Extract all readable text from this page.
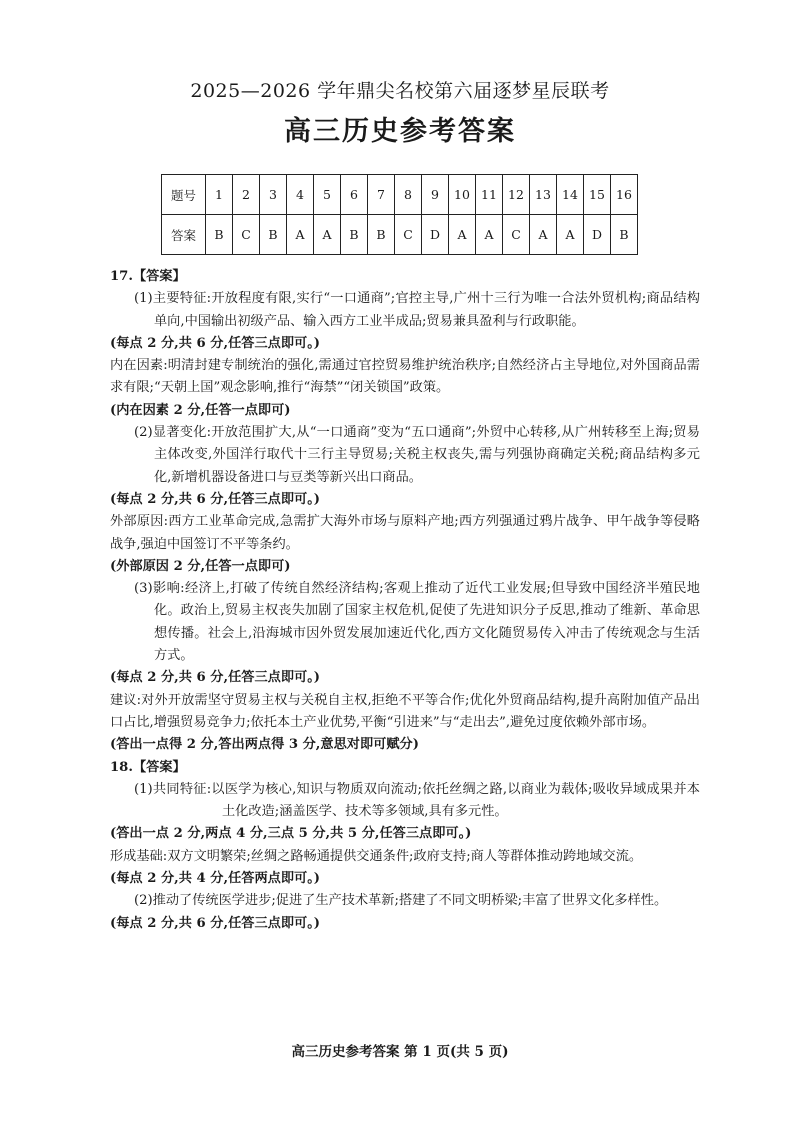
2025—2026 学年鼎尖名校第六届逐梦星辰联考
高三历史参考答案
题号	1	2	3	4	5	6	7	8	9	10	11	12	13	14	15	16
答案	B	C	B	A	A	B	B	C	D	A	A	C	A	A	D	B

17.【答案】

(1)主要特征:开放程度有限,实行“一口通商”;官控主导,广州十三行为唯一合法外贸机构;商品结构单向,中国输出初级产品、输入西方工业半成品;贸易兼具盈利与行政职能。

(每点 2 分,共 6 分,任答三点即可。)

内在因素:明清封建专制统治的强化,需通过官控贸易维护统治秩序;自然经济占主导地位,对外国商品需求有限;“天朝上国”观念影响,推行“海禁”“闭关锁国”政策。

(内在因素 2 分,任答一点即可)

(2)显著变化:开放范围扩大,从“一口通商”变为“五口通商”;外贸中心转移,从广州转移至上海;贸易主体改变,外国洋行取代十三行主导贸易;关税主权丧失,需与列强协商确定关税;商品结构多元化,新增机器设备进口与豆类等新兴出口商品。

(每点 2 分,共 6 分,任答三点即可。)

外部原因:西方工业革命完成,急需扩大海外市场与原料产地;西方列强通过鸦片战争、甲午战争等侵略战争,强迫中国签订不平等条约。

(外部原因 2 分,任答一点即可)

(3)影响:经济上,打破了传统自然经济结构;客观上推动了近代工业发展;但导致中国经济半殖民地化。政治上,贸易主权丧失加剧了国家主权危机,促使了先进知识分子反思,推动了维新、革命思想传播。社会上,沿海城市因外贸发展加速近代化,西方文化随贸易传入冲击了传统观念与生活方式。

(每点 2 分,共 6 分,任答三点即可。)

建议:对外开放需坚守贸易主权与关税自主权,拒绝不平等合作;优化外贸商品结构,提升高附加值产品出口占比,增强贸易竞争力;依托本土产业优势,平衡“引进来”与“走出去”,避免过度依赖外部市场。

(答出一点得 2 分,答出两点得 3 分,意思对即可赋分)

18.【答案】

(1)共同特征:以医学为核心,知识与物质双向流动;依托丝绸之路,以商业为载体;吸收异域成果并本土化改造;涵盖医学、技术等多领域,具有多元性。

(答出一点 2 分,两点 4 分,三点 5 分,共 5 分,任答三点即可。)

形成基础:双方文明繁荣;丝绸之路畅通提供交通条件;政府支持;商人等群体推动跨地域交流。

(每点 2 分,共 4 分,任答两点即可。)

(2)推动了传统医学进步;促进了生产技术革新;搭建了不同文明桥梁;丰富了世界文化多样性。

(每点 2 分,共 6 分,任答三点即可。)

高三历史参考答案 第 1 页(共 5 页)
